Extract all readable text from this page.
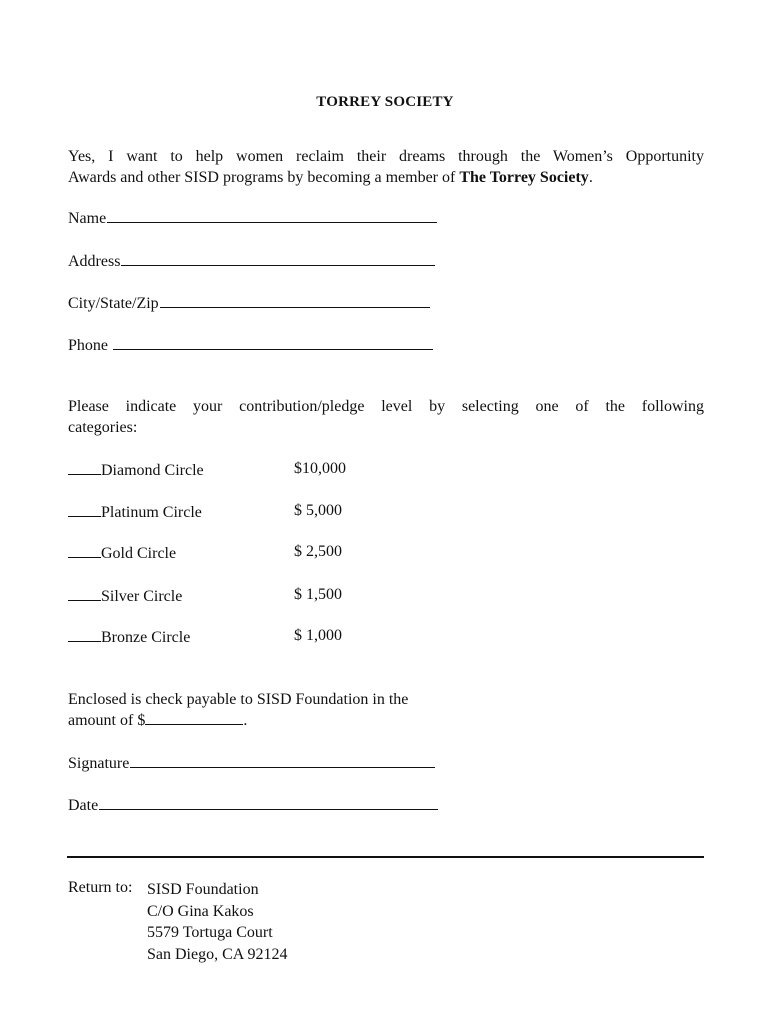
TORREY SOCIETY
Yes, I want to help women reclaim their dreams through the Women’s Opportunity
Awards and other SISD programs by becoming a member of The Torrey Society.
Name
Address
City/State/Zip
Phone
Please indicate your contribution/pledge level by selecting one of the following
categories:
Diamond Circle	$10,000
Platinum Circle	$ 5,000
Gold Circle	$ 2,500
Silver Circle	$ 1,500
Bronze Circle	$ 1,000
Enclosed is check payable to SISD Foundation in the
amount of $	.
Signature
Date
Return to: SISD Foundation
C/O Gina Kakos
5579 Tortuga Court
San Diego, CA 92124
